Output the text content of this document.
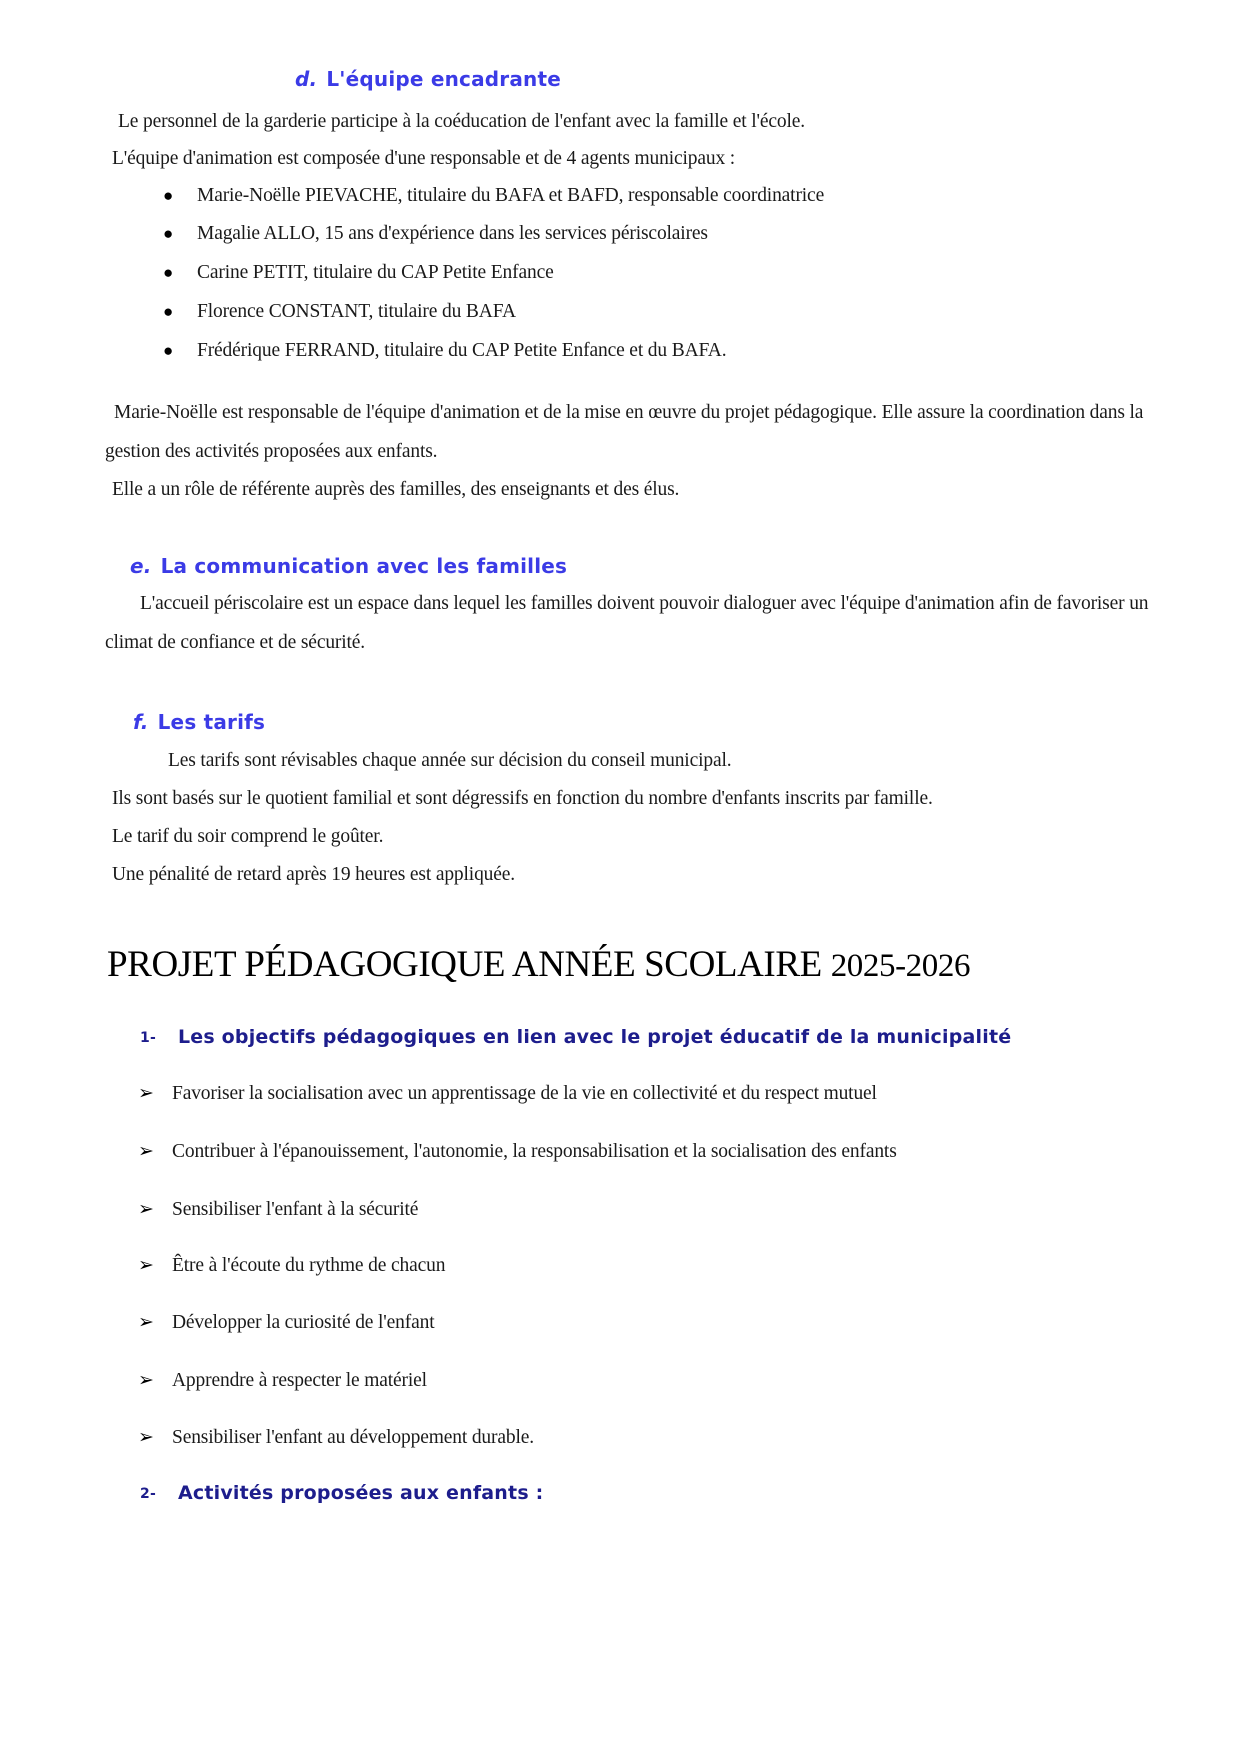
d. L'équipe encadrante
Le personnel de la garderie participe à la coéducation de l'enfant avec la famille et l'école.
L'équipe d'animation est composée d'une responsable et de 4 agents municipaux :
●	Marie-Noëlle PIEVACHE, titulaire du BAFA et BAFD, responsable coordinatrice
●	Magalie ALLO, 15 ans d'expérience dans les services périscolaires
●	Carine PETIT, titulaire du CAP Petite Enfance
●	Florence CONSTANT, titulaire du BAFA
●	Frédérique FERRAND, titulaire du CAP Petite Enfance et du BAFA.
Marie-Noëlle est responsable de l'équipe d'animation et de la mise en œuvre du projet pédagogique. Elle assure la coordination dans la
gestion des activités proposées aux enfants.
Elle a un rôle de référente auprès des familles, des enseignants et des élus.
e. La communication avec les familles
L'accueil périscolaire est un espace dans lequel les familles doivent pouvoir dialoguer avec l'équipe d'animation afin de favoriser un
climat de confiance et de sécurité.
f. Les tarifs
Les tarifs sont révisables chaque année sur décision du conseil municipal.
Ils sont basés sur le quotient familial et sont dégressifs en fonction du nombre d'enfants inscrits par famille.
Le tarif du soir comprend le goûter.
Une pénalité de retard après 19 heures est appliquée.
PROJET PÉDAGOGIQUE ANNÉE SCOLAIRE 2025-2026
1- Les objectifs pédagogiques en lien avec le projet éducatif de la municipalité
➢ Favoriser la socialisation avec un apprentissage de la vie en collectivité et du respect mutuel
➢ Contribuer à l'épanouissement, l'autonomie, la responsabilisation et la socialisation des enfants
➢ Sensibiliser l'enfant à la sécurité
➢ Être à l'écoute du rythme de chacun
➢ Développer la curiosité de l'enfant
➢ Apprendre à respecter le matériel
➢ Sensibiliser l'enfant au développement durable.
2- Activités proposées aux enfants :
